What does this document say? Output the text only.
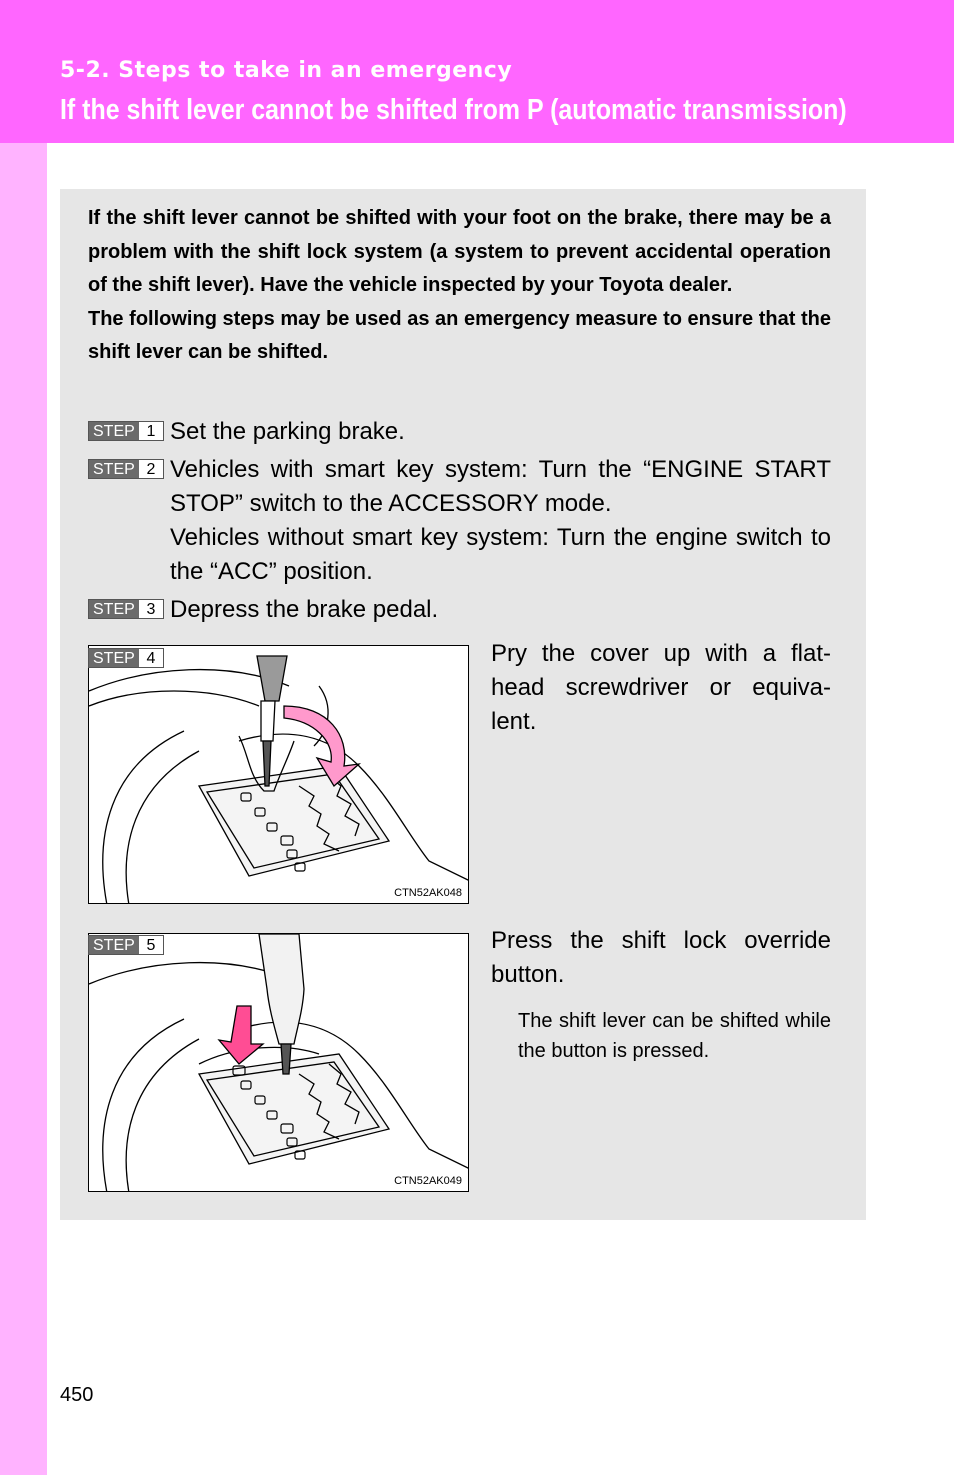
5-2. Steps to take in an emergency
If the shift lever cannot be shifted from P (automatic transmission)

If the shift lever cannot be shifted with your foot on the brake, there may be a problem with the shift lock system (a system to prevent accidental operation of the shift lever). Have the vehicle inspected by your Toyota dealer.

The following steps may be used as an emergency measure to ensure that the shift lever can be shifted.

STEP 1 Set the parking brake.

STEP 2 Vehicles with smart key system: Turn the “ENGINE START STOP” switch to the ACCESSORY mode.

Vehicles without smart key system: Turn the engine switch to the “ACC” position.

STEP 3 Depress the brake pedal.

CTN52AK048
STEP 4	Pry the cover up with a flat-head screwdriver or equiva-lent.
CTN52AK049
STEP 5	Press the shift lock override button.
The shift lever can be shifted while the button is pressed.
450
